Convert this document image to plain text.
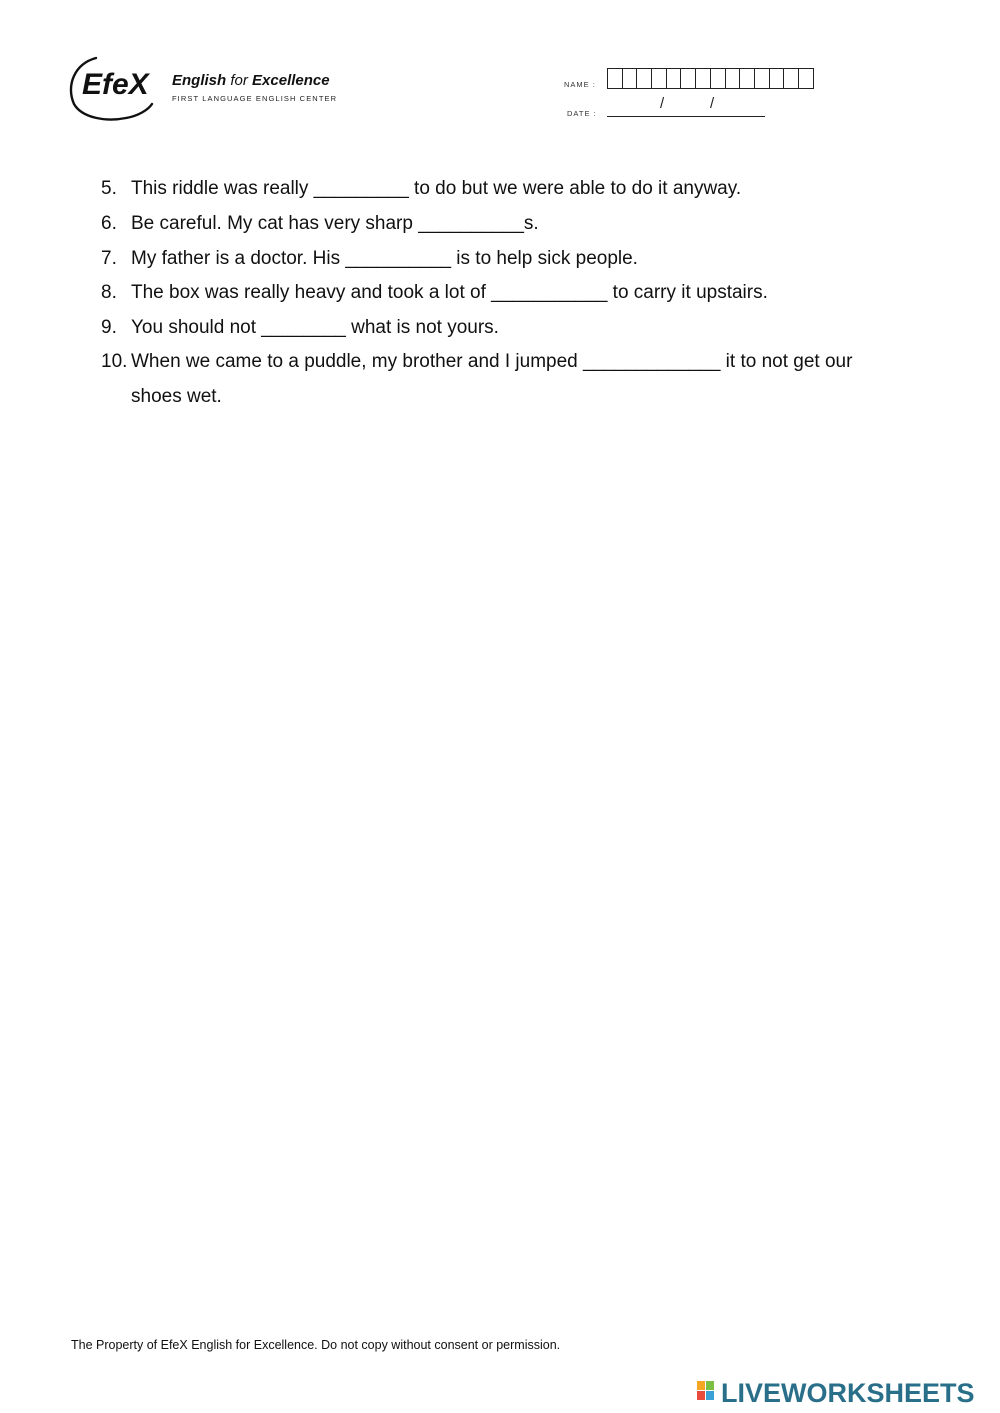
EfeX English for Excellence
FIRST LANGUAGE ENGLISH CENTER
NAME :
DATE :
/	/
5. This riddle was really _________ to do but we were able to do it anyway.
6. Be careful. My cat has very sharp __________s.
7. My father is a doctor. His __________ is to help sick people.
8. The box was really heavy and took a lot of ___________ to carry it upstairs.
9. You should not ________ what is not yours.
10. When we came to a puddle, my brother and I jumped _____________ it to not get our
shoes wet.
The Property of EfeX English for Excellence. Do not copy without consent or permission.
LIVEWORKSHEETS
